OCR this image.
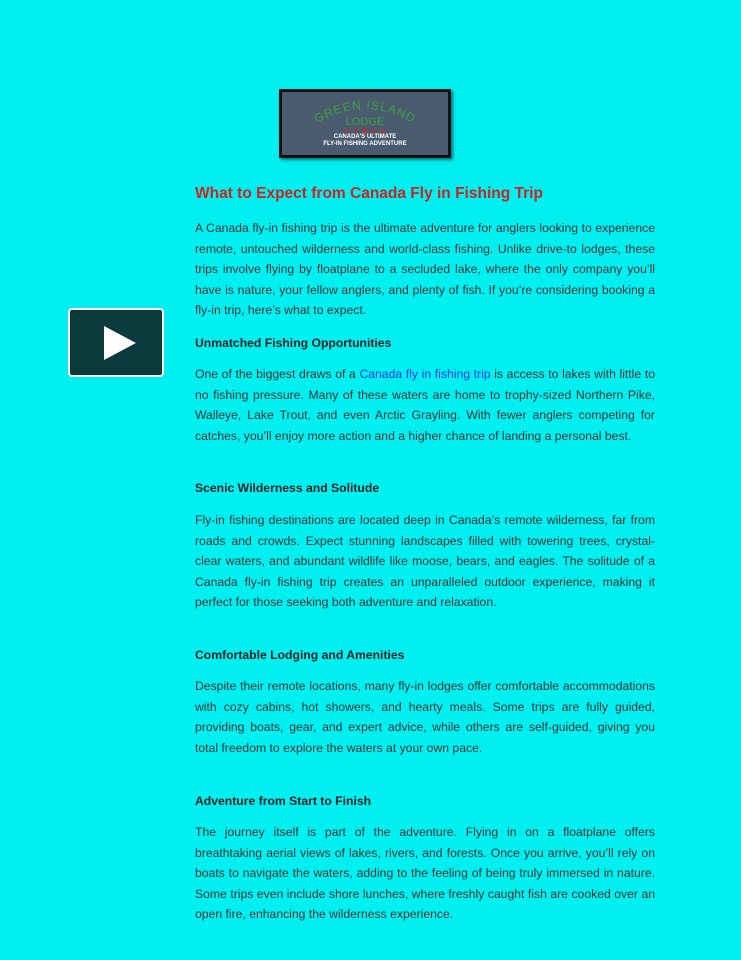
GREEN ISLAND
LODGE
CANADA'S ULTIMATE
FLY-IN FISHING ADVENTURE
What to Expect from Canada Fly in Fishing Trip

A Canada fly-in fishing trip is the ultimate adventure for anglers looking to experience remote, untouched wilderness and world-class fishing. Unlike drive-to lodges, these trips involve flying by floatplane to a secluded lake, where the only company you’ll have is nature, your fellow anglers, and plenty of fish. If you’re considering booking a fly-in trip, here’s what to expect.

Unmatched Fishing Opportunities

One of the biggest draws of a Canada fly in fishing trip is access to lakes with little to no fishing pressure. Many of these waters are home to trophy-sized Northern Pike, Walleye, Lake Trout, and even Arctic Grayling. With fewer anglers competing for catches, you’ll enjoy more action and a higher chance of landing a personal best.

Scenic Wilderness and Solitude

Fly-in fishing destinations are located deep in Canada’s remote wilderness, far from roads and crowds. Expect stunning landscapes filled with towering trees, crystal-clear waters, and abundant wildlife like moose, bears, and eagles. The solitude of a Canada fly-in fishing trip creates an unparalleled outdoor experience, making it perfect for those seeking both adventure and relaxation.

Comfortable Lodging and Amenities

Despite their remote locations, many fly-in lodges offer comfortable accommodations with cozy cabins, hot showers, and hearty meals. Some trips are fully guided, providing boats, gear, and expert advice, while others are self-guided, giving you total freedom to explore the waters at your own pace.

Adventure from Start to Finish

The journey itself is part of the adventure. Flying in on a floatplane offers breathtaking aerial views of lakes, rivers, and forests. Once you arrive, you’ll rely on boats to navigate the waters, adding to the feeling of being truly immersed in nature. Some trips even include shore lunches, where freshly caught fish are cooked over an open fire, enhancing the wilderness experience.
